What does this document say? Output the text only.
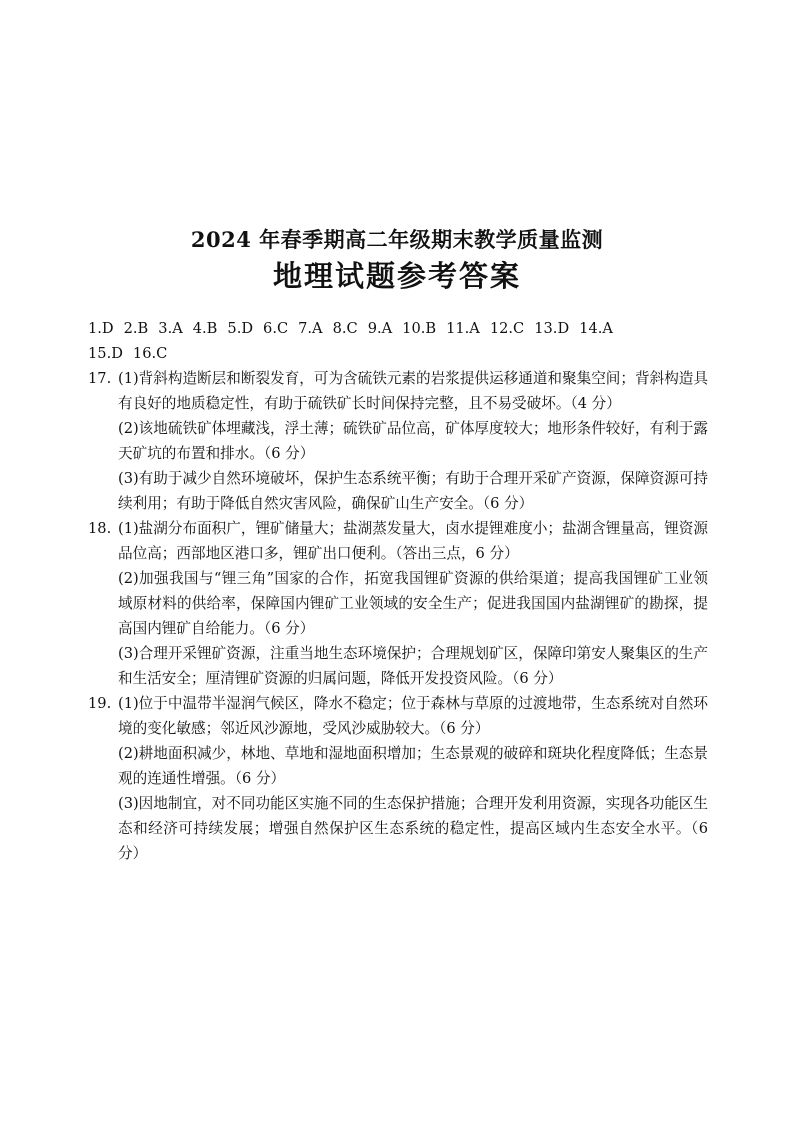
2024 年春季期高二年级期末教学质量监测
地理试题参考答案
1.D 2.B 3.A 4.B 5.D 6.C 7.A 8.C 9.A 10.B 11.A 12.C 13.D 14.A
15.D 16.C
17. (1)背斜构造断层和断裂发育，可为含硫铁元素的岩浆提供运移通道和聚集空间；背斜构造具有良好的地质稳定性，有助于硫铁矿长时间保持完整，且不易受破坏。（4 分）
(2)该地硫铁矿体埋藏浅，浮土薄；硫铁矿品位高，矿体厚度较大；地形条件较好，有利于露天矿坑的布置和排水。（6 分）
(3)有助于减少自然环境破坏，保护生态系统平衡；有助于合理开采矿产资源，保障资源可持续利用；有助于降低自然灾害风险，确保矿山生产安全。（6 分）
18. (1)盐湖分布面积广，锂矿储量大；盐湖蒸发量大，卤水提锂难度小；盐湖含锂量高，锂资源品位高；西部地区港口多，锂矿出口便利。（答出三点，6 分）
(2)加强我国与“锂三角”国家的合作，拓宽我国锂矿资源的供给渠道；提高我国锂矿工业领域原材料的供给率，保障国内锂矿工业领域的安全生产；促进我国国内盐湖锂矿的勘探，提高国内锂矿自给能力。（6 分）
(3)合理开采锂矿资源，注重当地生态环境保护；合理规划矿区，保障印第安人聚集区的生产和生活安全；厘清锂矿资源的归属问题，降低开发投资风险。（6 分）
19. (1)位于中温带半湿润气候区，降水不稳定；位于森林与草原的过渡地带，生态系统对自然环境的变化敏感；邻近风沙源地，受风沙威胁较大。（6 分）
(2)耕地面积减少，林地、草地和湿地面积增加；生态景观的破碎和斑块化程度降低；生态景观的连通性增强。（6 分）
(3)因地制宜，对不同功能区实施不同的生态保护措施；合理开发利用资源，实现各功能区生态和经济可持续发展；增强自然保护区生态系统的稳定性，提高区域内生态安全水平。（6 分）
